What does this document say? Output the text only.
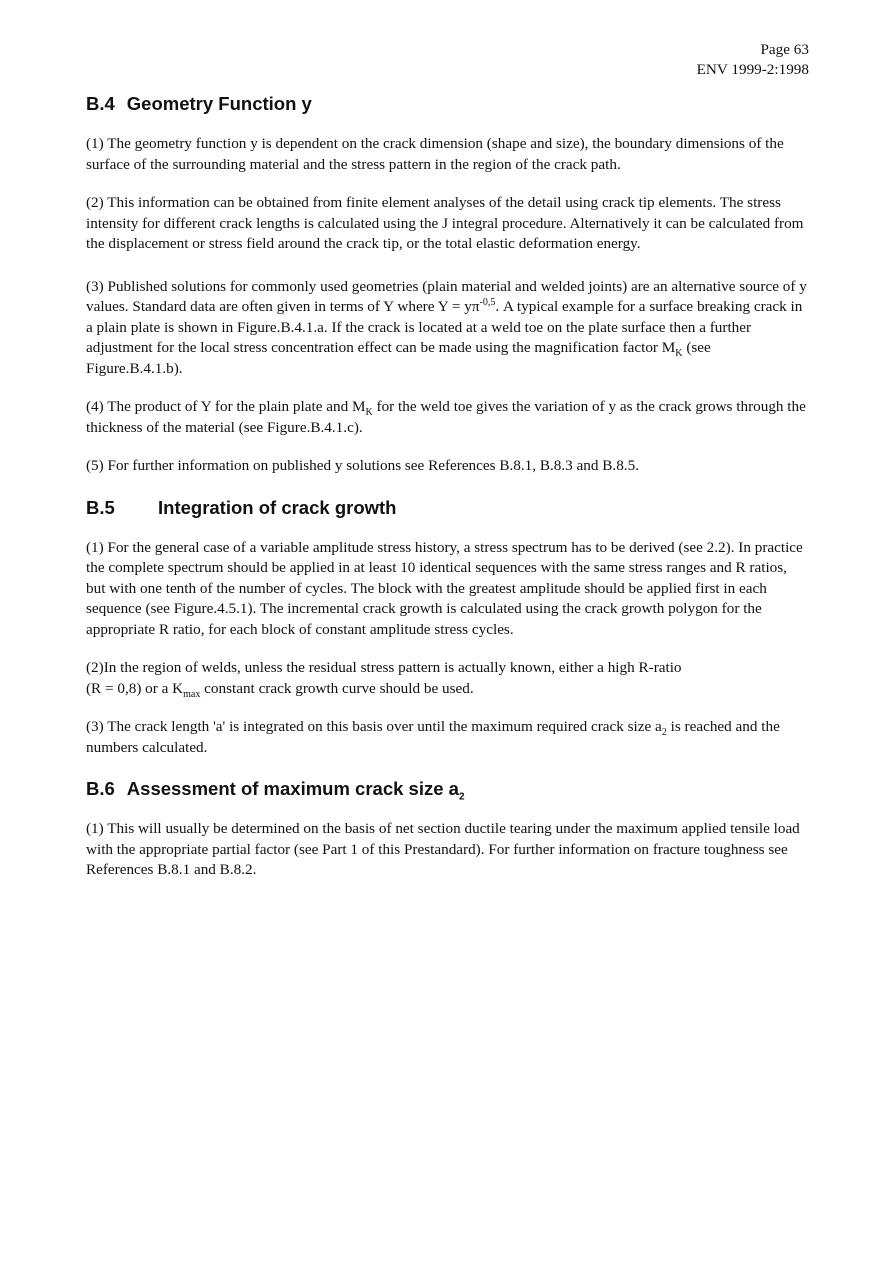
Page 63
ENV 1999-2:1998
B.4 Geometry Function y

(1) The geometry function y is dependent on the crack dimension (shape and size), the boundary dimensions of the surface of the surrounding material and the stress pattern in the region of the crack path.

(2) This information can be obtained from finite element analyses of the detail using crack tip elements. The stress intensity for different crack lengths is calculated using the J integral procedure. Alternatively it can be calculated from the displacement or stress field around the crack tip, or the total elastic deformation energy.

(3) Published solutions for commonly used geometries (plain material and welded joints) are an alternative source of y values. Standard data are often given in terms of Y where $Y = y\pi^{-0,5}$. A typical example for a surface breaking crack in a plain plate is shown in Figure.B.4.1.a. If the crack is located at a weld toe on the plate surface then a further adjustment for the local stress concentration effect can be made using the magnification factor $M_K$ (see Figure.B.4.1.b).

(4) The product of Y for the plain plate and $M_K$ for the weld toe gives the variation of y as the crack grows through the thickness of the material (see Figure.B.4.1.c).

(5) For further information on published y solutions see References B.8.1, B.8.3 and B.8.5.

B.5 Integration of crack growth

(1) For the general case of a variable amplitude stress history, a stress spectrum has to be derived (see 2.2). In practice the complete spectrum should be applied in at least 10 identical sequences with the same stress ranges and R ratios, but with one tenth of the number of cycles. The block with the greatest amplitude should be applied first in each sequence (see Figure.4.5.1). The incremental crack growth is calculated using the crack growth polygon for the appropriate R ratio, for each block of constant amplitude stress cycles.

(2)In the region of welds, unless the residual stress pattern is actually known, either a high R-ratio
(R = 0,8) or a $K_{max}$ constant crack growth curve should be used.

(3) The crack length 'a' is integrated on this basis over until the maximum required crack size $a_2$ is reached and the numbers calculated.

B.6 Assessment of maximum crack size $a_2$

(1) This will usually be determined on the basis of net section ductile tearing under the maximum applied tensile load with the appropriate partial factor (see Part 1 of this Prestandard). For further information on fracture toughness see References B.8.1 and B.8.2.
